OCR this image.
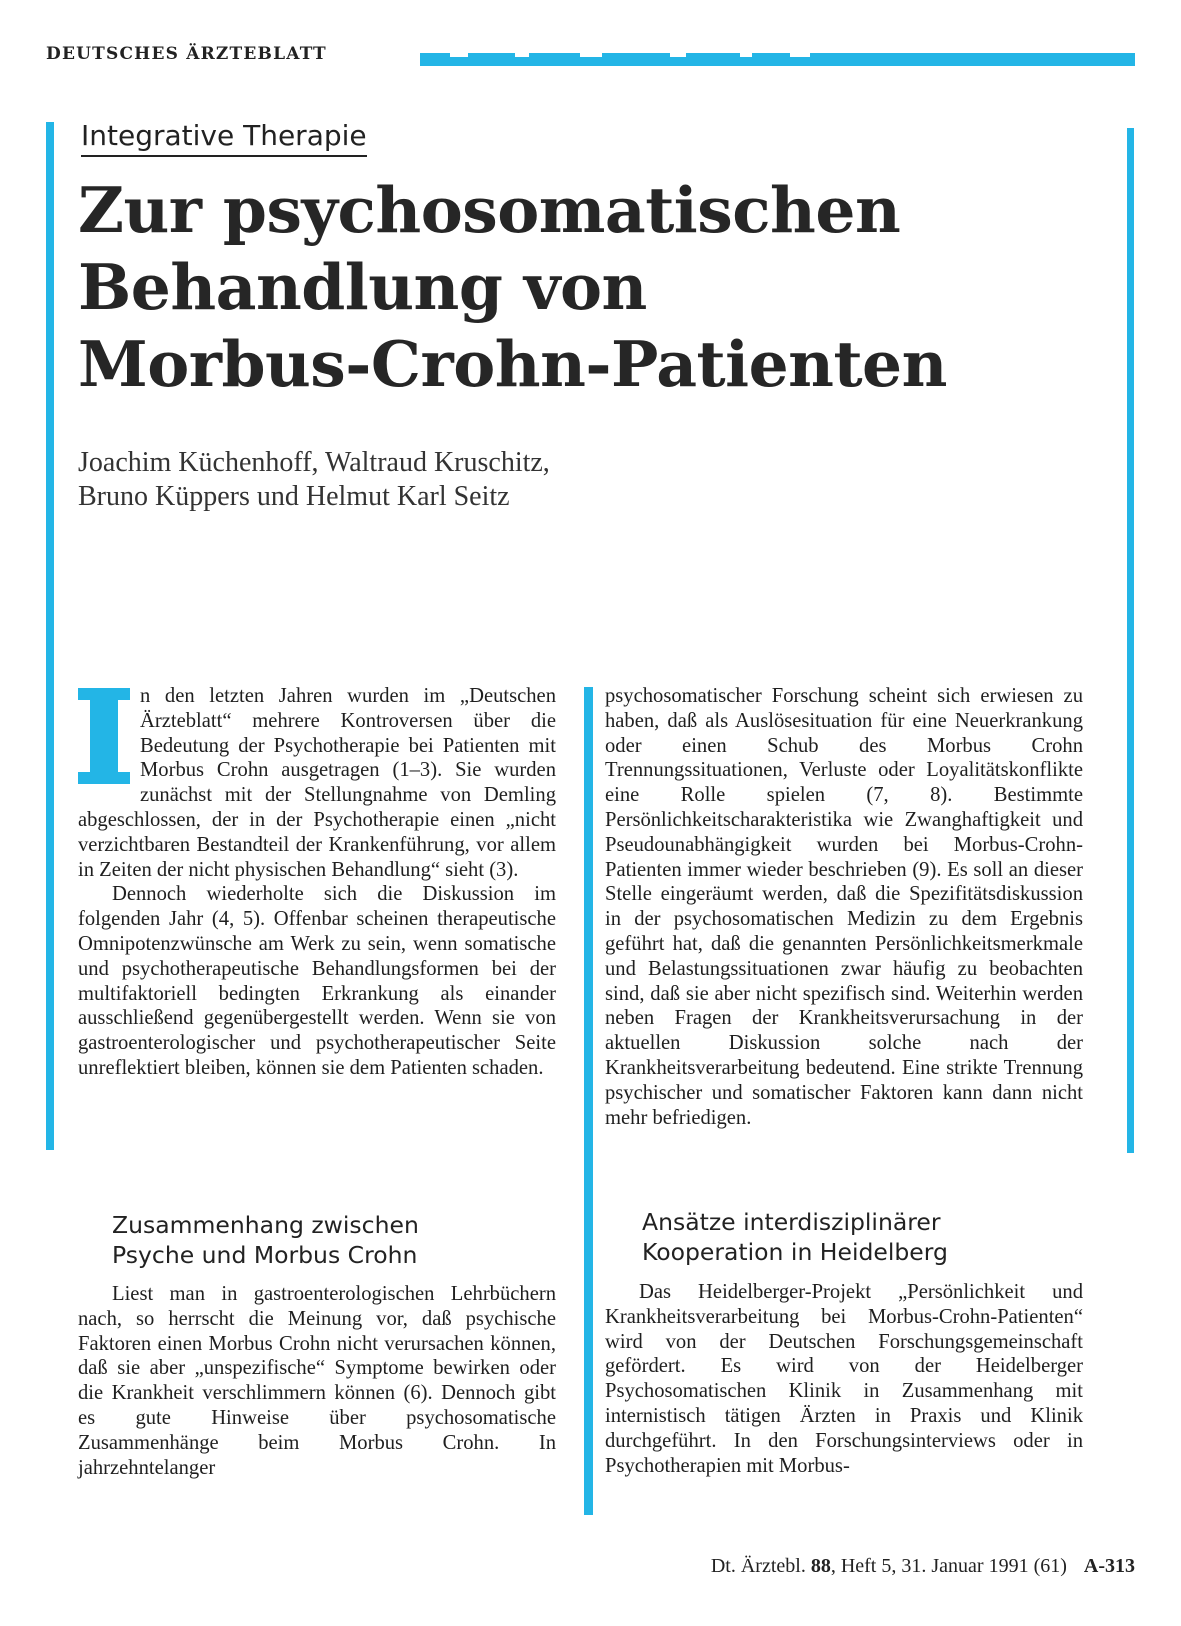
DEUTSCHES ÄRZTEBLATT
Integrative Therapie
Zur psychosomatischen
Behandlung von
Morbus-Crohn-Patienten
Joachim Küchenhoff, Waltraud Kruschitz,
Bruno Küppers und Helmut Karl Seitz

n den letzten Jahren wurden im „Deutschen Ärzteblatt“ mehrere Kontroversen über die Bedeutung der Psychotherapie bei Patienten mit Morbus Crohn ausgetragen (1–3). Sie wurden zunächst mit der Stellungnahme von Demling abgeschlossen, der in der Psychotherapie einen „nicht verzichtbaren Bestandteil der Krankenführung, vor allem in Zeiten der nicht physischen Behandlung“ sieht (3).

Dennoch wiederholte sich die Diskussion im folgenden Jahr (4, 5). Offenbar scheinen therapeutische Omnipotenzwünsche am Werk zu sein, wenn somatische und psychotherapeutische Behandlungsformen bei der multifaktoriell bedingten Erkrankung als einander ausschließend gegenübergestellt werden. Wenn sie von gastroenterologischer und psychotherapeutischer Seite unreflektiert bleiben, können sie dem Patienten schaden.

Zusammenhang zwischen
Psyche und Morbus Crohn

Liest man in gastroenterologischen Lehrbüchern nach, so herrscht die Meinung vor, daß psychische Faktoren einen Morbus Crohn nicht verursachen können, daß sie aber „unspezifische“ Symptome bewirken oder die Krankheit verschlimmern können (6). Dennoch gibt es gute Hinweise über psychosomatische Zusammenhänge beim Morbus Crohn. In jahrzehntelanger

psychosomatischer Forschung scheint sich erwiesen zu haben, daß als Auslösesituation für eine Neuerkrankung oder einen Schub des Morbus Crohn Trennungssituationen, Verluste oder Loyalitätskonflikte eine Rolle spielen (7, 8). Bestimmte Persönlichkeitscharakteristika wie Zwanghaftigkeit und Pseudounabhängigkeit wurden bei Morbus-Crohn-Patienten immer wieder beschrieben (9). Es soll an dieser Stelle eingeräumt werden, daß die Spezifitätsdiskussion in der psychosomatischen Medizin zu dem Ergebnis geführt hat, daß die genannten Persönlichkeitsmerkmale und Belastungssituationen zwar häufig zu beobachten sind, daß sie aber nicht spezifisch sind. Weiterhin werden neben Fragen der Krankheitsverursachung in der aktuellen Diskussion solche nach der Krankheitsverarbeitung bedeutend. Eine strikte Trennung psychischer und somatischer Faktoren kann dann nicht mehr befriedigen.

Ansätze interdisziplinärer
Kooperation in Heidelberg

Das Heidelberger-Projekt „Persönlichkeit und Krankheitsverarbeitung bei Morbus-Crohn-Patienten“ wird von der Deutschen Forschungsgemeinschaft gefördert. Es wird von der Heidelberger Psychosomatischen Klinik in Zusammenhang mit internistisch tätigen Ärzten in Praxis und Klinik durchgeführt. In den Forschungsinterviews oder in Psychotherapien mit Morbus-

Dt. Ärztebl. 88, Heft 5, 31. Januar 1991 (61) A-313
